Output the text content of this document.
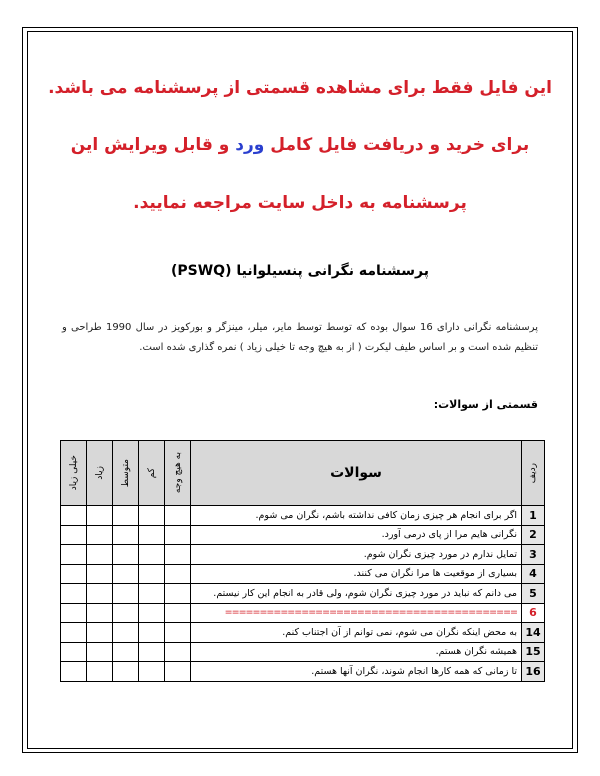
این فایل فقط برای مشاهده قسمتی از پرسشنامه می باشد.
برای خرید و دریافت فایل کامل ورد و قابل ویرایش این
پرسشنامه به داخل سایت مراجعه نمایید.
پرسشنامه نگرانی پنسیلوانیا (PSWQ)
پرسشنامه نگرانی دارای 16 سوال بوده که توسط توسط مایر، میلر، مینزگر و بورکویز در سال 1990 طراحی و تنظیم شده است و بر اساس طیف لیکرت ( از به هیچ وجه تا خیلی زیاد ) نمره گذاری شده است.
قسمتی از سوالات:
ردیف	سوالات	به هیچ وجه	کم	متوسط	زیاد	خیلی زیاد

1	اگر برای انجام هر چیزی زمان کافی نداشته باشم، نگران می شوم.					
2	نگرانی هایم مرا از پای درمی آورد.					
3	تمایل ندارم در مورد چیزی نگران شوم.					
4	بسیاری از موقعیت ها مرا نگران می کنند.					
5	می دانم که نباید در مورد چیزی نگران شوم، ولی قادر به انجام این کار نیستم.					
6	==========================================					
14	به محض اینکه نگران می شوم، نمی توانم از آن اجتناب کنم.					
15	همیشه نگران هستم.					
16	تا زمانی که همه کارها انجام شوند، نگران آنها هستم.					
